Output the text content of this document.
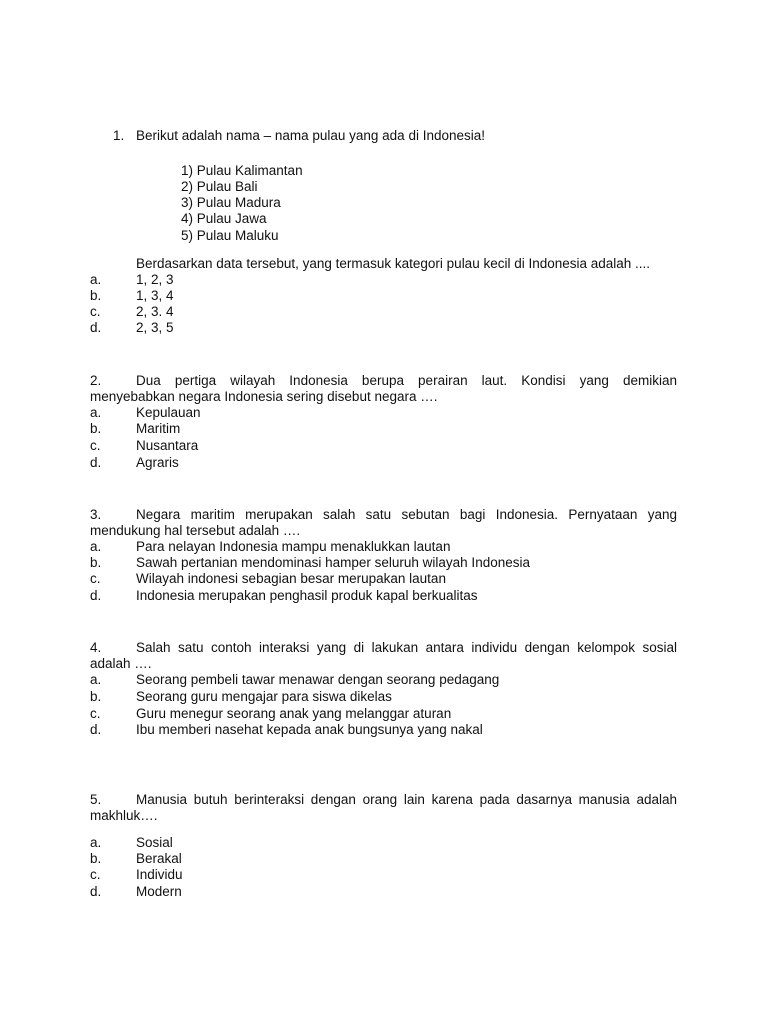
1. Berikut adalah nama – nama pulau yang ada di Indonesia!
1) Pulau Kalimantan
2) Pulau Bali
3) Pulau Madura
4) Pulau Jawa
5) Pulau Maluku
Berdasarkan data tersebut, yang termasuk kategori pulau kecil di Indonesia adalah ....
a.	1, 2, 3
b.	1, 3, 4
c.	2, 3. 4
d.	2, 3, 5
2.	Dua pertiga wilayah Indonesia berupa perairan laut. Kondisi yang demikian
menyebabkan negara Indonesia sering disebut negara ….
a.	Kepulauan
b.	Maritim
c.	Nusantara
d.	Agraris
3.	Negara maritim merupakan salah satu sebutan bagi Indonesia. Pernyataan yang
mendukung hal tersebut adalah ….
a.	Para nelayan Indonesia mampu menaklukkan lautan
b.	Sawah pertanian mendominasi hamper seluruh wilayah Indonesia
c.	Wilayah indonesi sebagian besar merupakan lautan
d.	Indonesia merupakan penghasil produk kapal berkualitas
4.	Salah satu contoh interaksi yang di lakukan antara individu dengan kelompok sosial
adalah ….
a.	Seorang pembeli tawar menawar dengan seorang pedagang
b.	Seorang guru mengajar para siswa dikelas
c.	Guru menegur seorang anak yang melanggar aturan
d.	Ibu memberi nasehat kepada anak bungsunya yang nakal
5.	Manusia butuh berinteraksi dengan orang lain karena pada dasarnya manusia adalah
makhluk….
a.	Sosial
b.	Berakal
c.	Individu
d.	Modern
